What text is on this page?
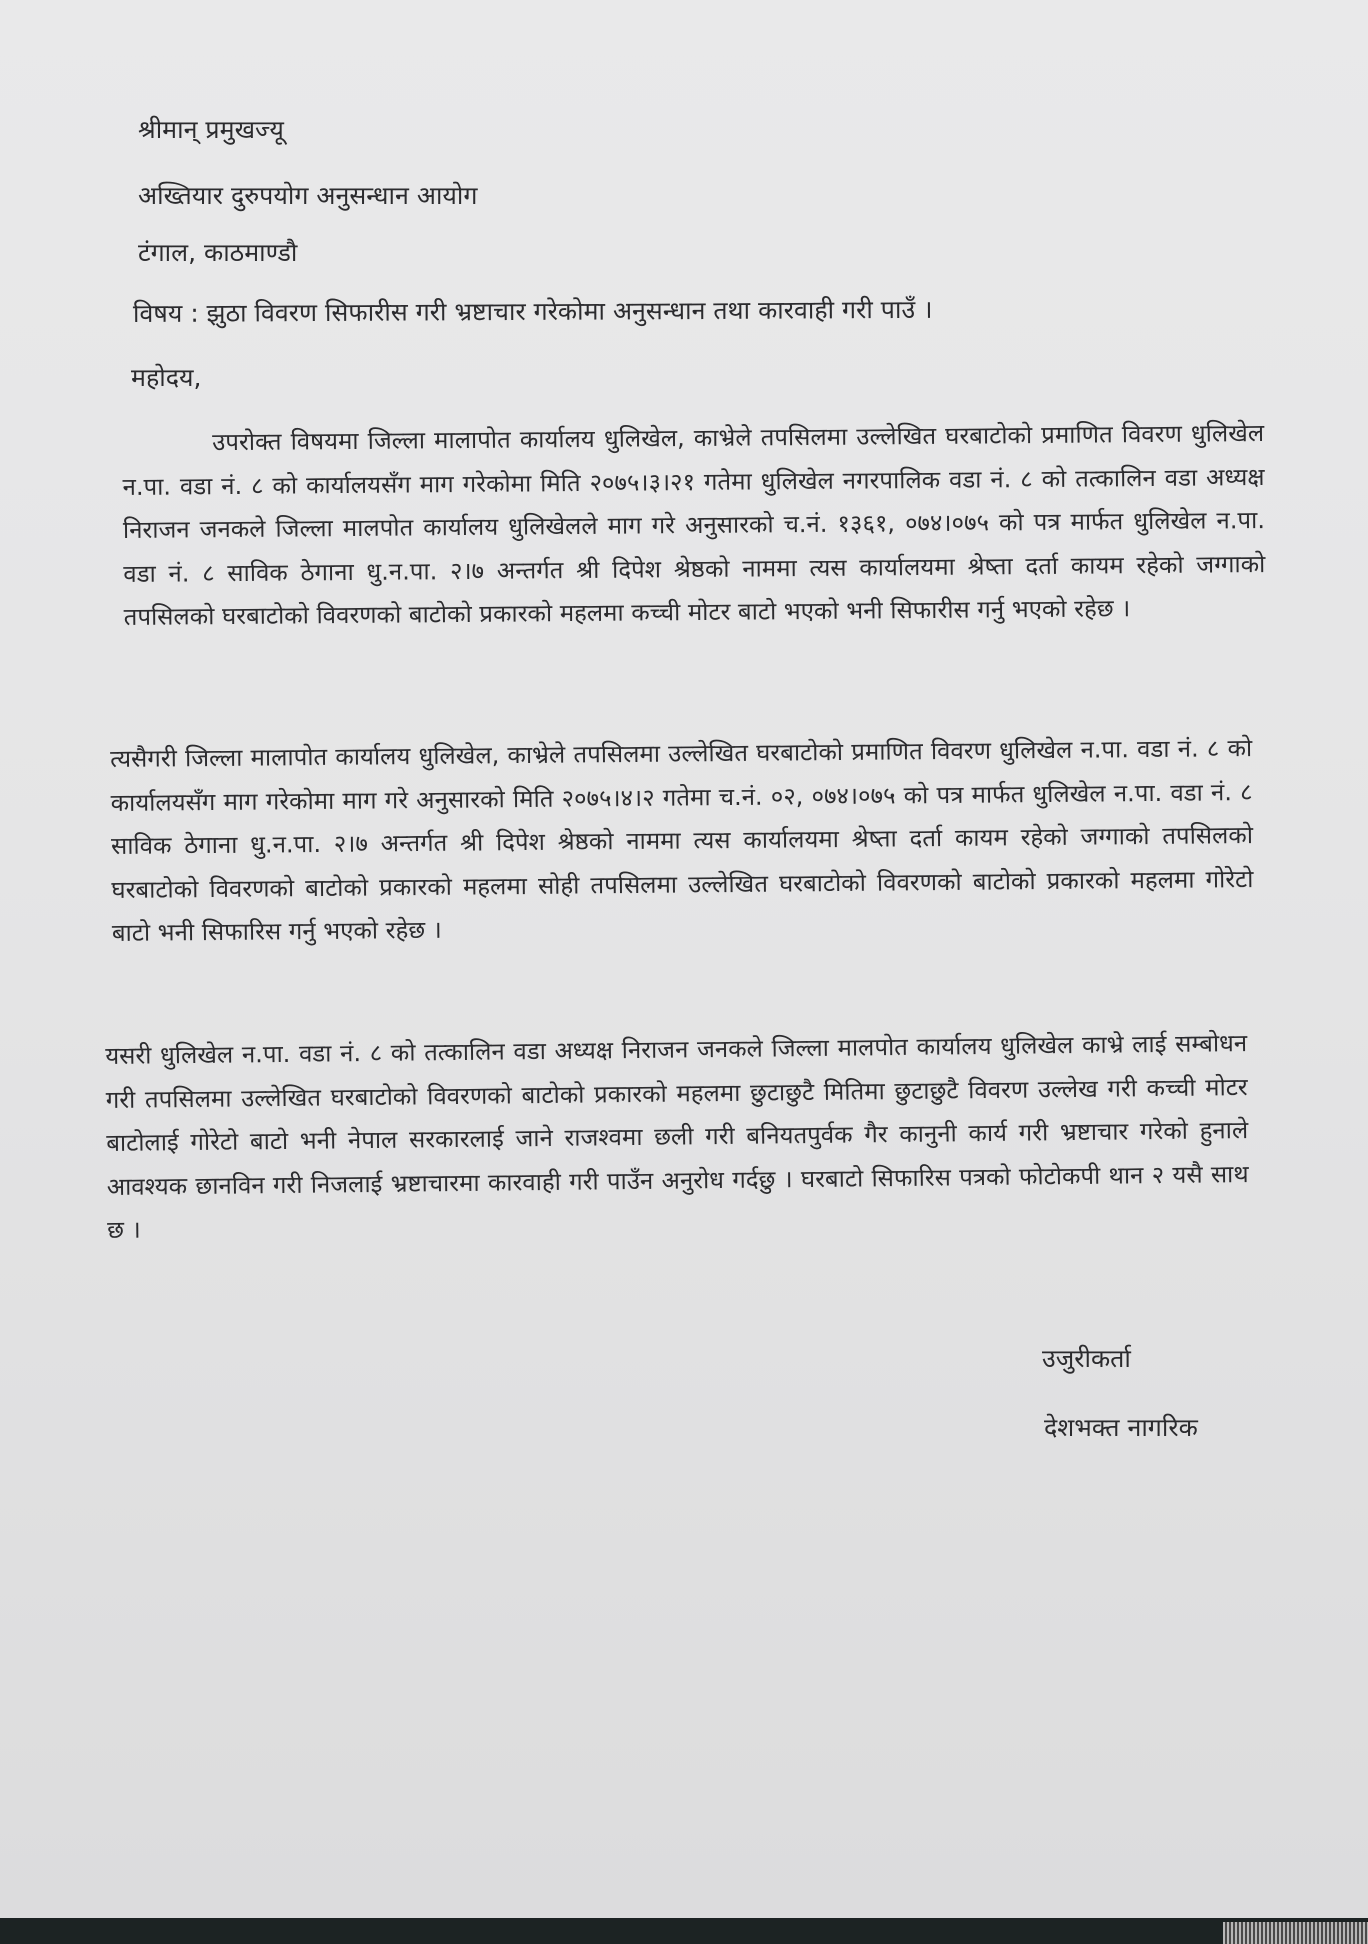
श्रीमान् प्रमुखज्यू
अख्तियार दुरुपयोग अनुसन्धान आयोग
टंगाल, काठमाण्डौ
विषय : झुठा विवरण सिफारीस गरी भ्रष्टाचार गरेकोमा अनुसन्धान तथा कारवाही गरी पाउँ ।
महोदय,
उपरोक्त विषयमा जिल्ला मालापोत कार्यालय धुलिखेल, काभ्रेले तपसिलमा उल्लेखित घरबाटोको प्रमाणित विवरण धुलिखेल न.पा. वडा नं. ८ को कार्यालयसँग माग गरेकोमा मिति २०७५।३।२१ गतेमा धुलिखेल नगरपालिक वडा नं. ८ को तत्कालिन वडा अध्यक्ष निराजन जनकले जिल्ला मालपोत कार्यालय धुलिखेलले माग गरे अनुसारको च.नं. १३६१, ०७४।०७५ को पत्र मार्फत धुलिखेल न.पा. वडा नं. ८ साविक ठेगाना धु.न.पा. २।७ अन्तर्गत श्री दिपेश श्रेष्ठको नाममा त्यस कार्यालयमा श्रेष्ता दर्ता कायम रहेको जग्गाको तपसिलको घरबाटोको विवरणको बाटोको प्रकारको महलमा कच्ची मोटर बाटो भएको भनी सिफारीस गर्नु भएको रहेछ ।
त्यसैगरी जिल्ला मालापोत कार्यालय धुलिखेल, काभ्रेले तपसिलमा उल्लेखित घरबाटोको प्रमाणित विवरण धुलिखेल न.पा. वडा नं. ८ को कार्यालयसँग माग गरेकोमा माग गरे अनुसारको मिति २०७५।४।२ गतेमा च.नं. ०२, ०७४।०७५ को पत्र मार्फत धुलिखेल न.पा. वडा नं. ८ साविक ठेगाना धु.न.पा. २।७ अन्तर्गत श्री दिपेश श्रेष्ठको नाममा त्यस कार्यालयमा श्रेष्ता दर्ता कायम रहेको जग्गाको तपसिलको घरबाटोको विवरणको बाटोको प्रकारको महलमा सोही तपसिलमा उल्लेखित घरबाटोको विवरणको बाटोको प्रकारको महलमा गोरेटो बाटो भनी सिफारिस गर्नु भएको रहेछ ।
यसरी धुलिखेल न.पा. वडा नं. ८ को तत्कालिन वडा अध्यक्ष निराजन जनकले जिल्ला मालपोत कार्यालय धुलिखेल काभ्रे लाई सम्बोधन गरी तपसिलमा उल्लेखित घरबाटोको विवरणको बाटोको प्रकारको महलमा छुटाछुटै मितिमा छुटाछुटै विवरण उल्लेख गरी कच्ची मोटर बाटोलाई गोरेटो बाटो भनी नेपाल सरकारलाई जाने राजश्वमा छली गरी बनियतपुर्वक गैर कानुनी कार्य गरी भ्रष्टाचार गरेको हुनाले आवश्यक छानविन गरी निजलाई भ्रष्टाचारमा कारवाही गरी पाउँन अनुरोध गर्दछु । घरबाटो सिफारिस पत्रको फोटोकपी थान २ यसै साथ छ ।
उजुरीकर्ता
देशभक्त नागरिक
